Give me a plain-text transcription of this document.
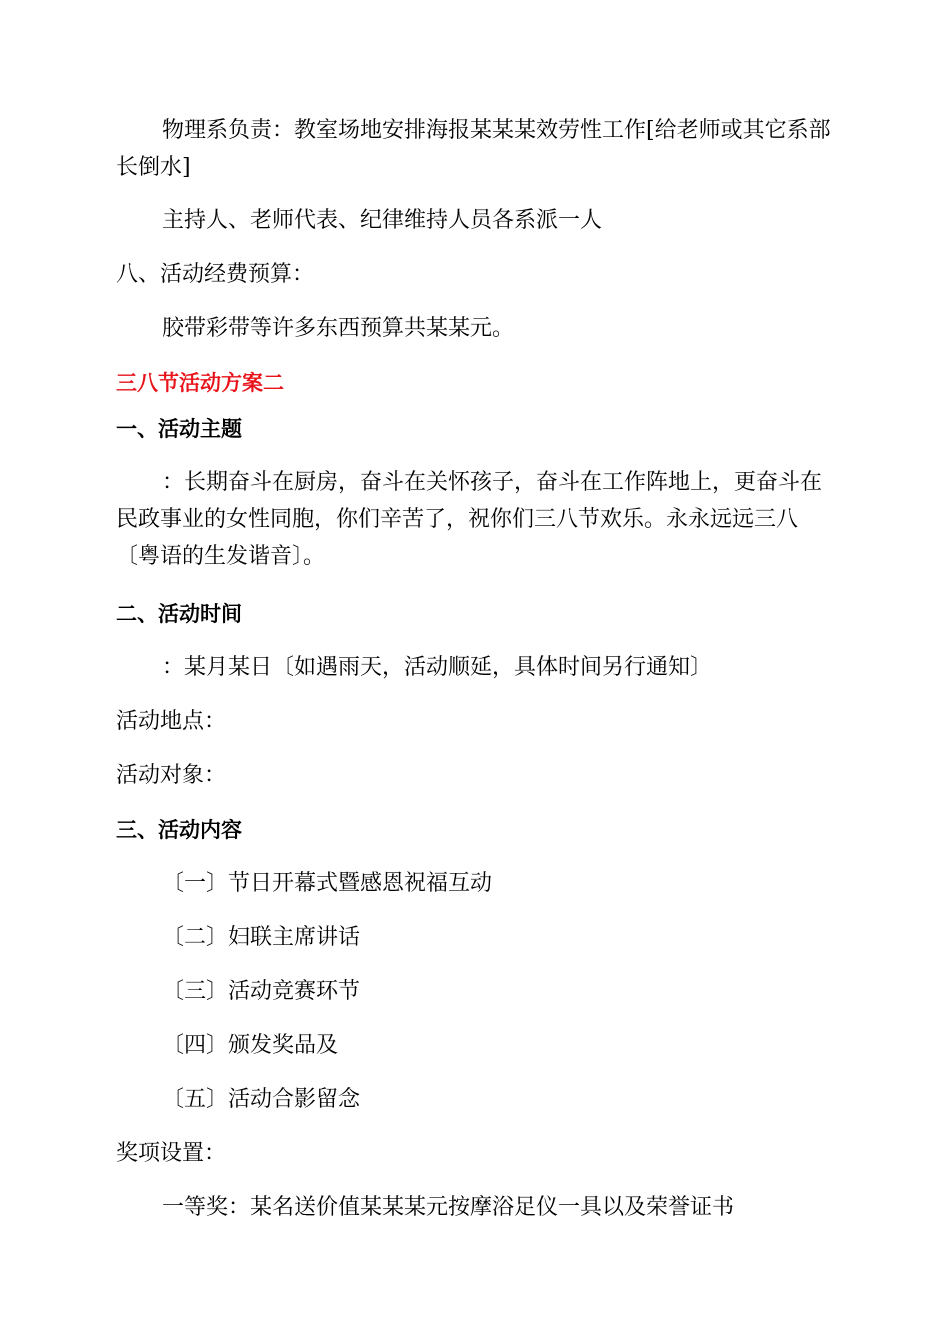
物理系负责：教室场地安排海报某某某效劳性工作[给老师或其它系部长倒水]
主持人、老师代表、纪律维持人员各系派一人
八、活动经费预算：
胶带彩带等许多东西预算共某某元。
三八节活动方案二
一、活动主题
：长期奋斗在厨房，奋斗在关怀孩子，奋斗在工作阵地上，更奋斗在民政事业的女性同胞，你们辛苦了，祝你们三八节欢乐。永永远远三八〔粤语的生发谐音〕。
二、活动时间
：某月某日〔如遇雨天，活动顺延，具体时间另行通知〕
活动地点：
活动对象：
三、活动内容
〔一〕节日开幕式暨感恩祝福互动
〔二〕妇联主席讲话
〔三〕活动竞赛环节
〔四〕颁发奖品及
〔五〕活动合影留念
奖项设置：
一等奖：某名送价值某某某元按摩浴足仪一具以及荣誉证书
